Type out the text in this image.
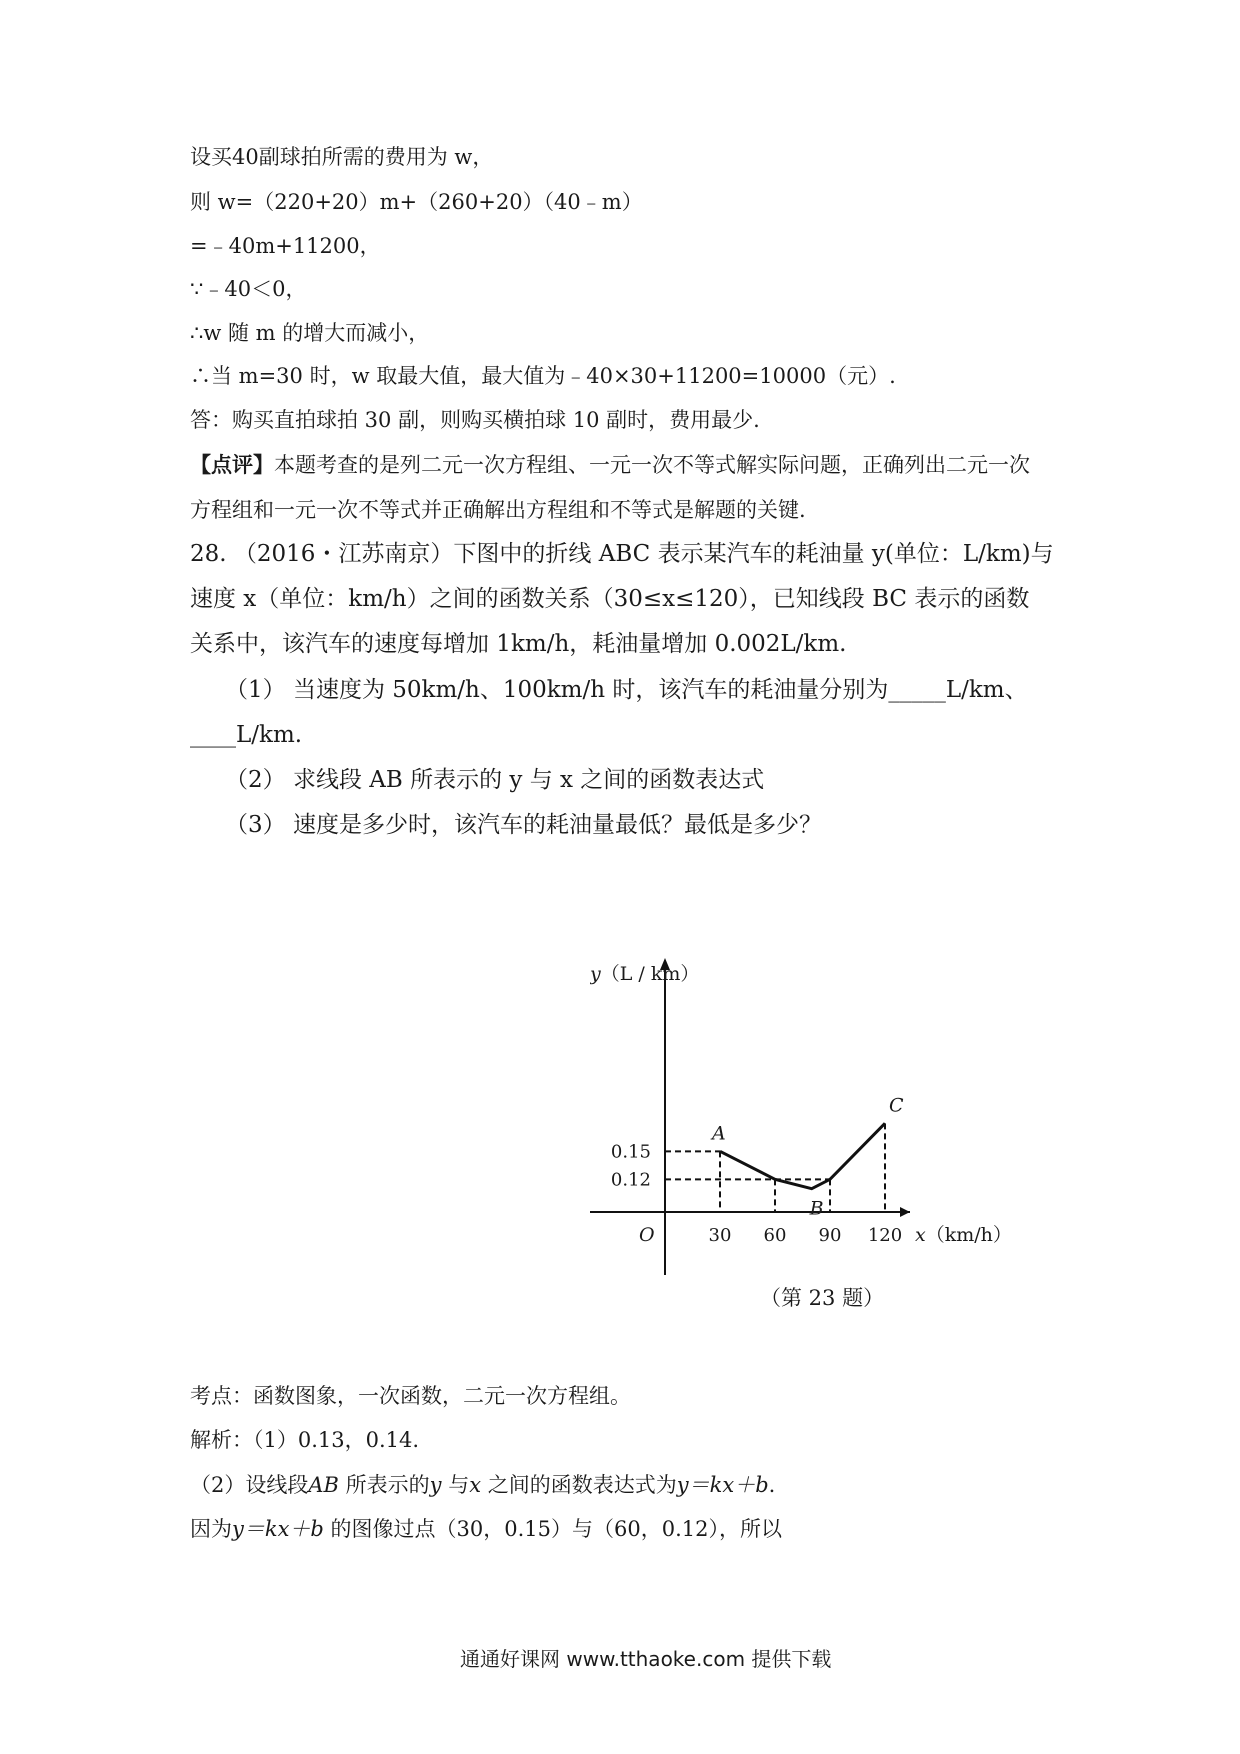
设买40副球拍所需的费用为 w，
则 w=（220+20）m+（260+20）（40﹣m）
=﹣40m+11200，
∵﹣40＜0，
∴w 随 m 的增大而减小，
∴当 m=30 时，w 取最大值，最大值为﹣40×30+11200=10000（元）.
答：购买直拍球拍 30 副，则购买横拍球 10 副时，费用最少.
【点评】本题考查的是列二元一次方程组、一元一次不等式解实际问题，正确列出二元一次
方程组和一元一次不等式并正确解出方程组和不等式是解题的关键.
28. （2016・江苏南京）下图中的折线 ABC 表示某汽车的耗油量 y(单位：L/km)与
速度 x（单位：km/h）之间的函数关系（30≤x≤120），已知线段 BC 表示的函数
关系中，该汽车的速度每增加 1km/h，耗油量增加 0.002L/km.
（1） 当速度为 50km/h、100km/h 时，该汽车的耗油量分别为_____L/km、
____L/km.
（2） 求线段 AB 所表示的 y 与 x 之间的函数表达式
（3） 速度是多少时，该汽车的耗油量最低？最低是多少？
A
B
C
30 60 90 120
0.15
0.12
O
y（L / km）
x（km/h）
（第 23 题）
考点：函数图象，一次函数，二元一次方程组。
解析：（1）0.13，0.14.
（2）设线段AB 所表示的y 与x 之间的函数表达式为y＝kx＋b.
因为y＝kx＋b 的图像过点（30，0.15）与（60，0.12），所以
通通好课网 www.tthaoke.com 提供下载
